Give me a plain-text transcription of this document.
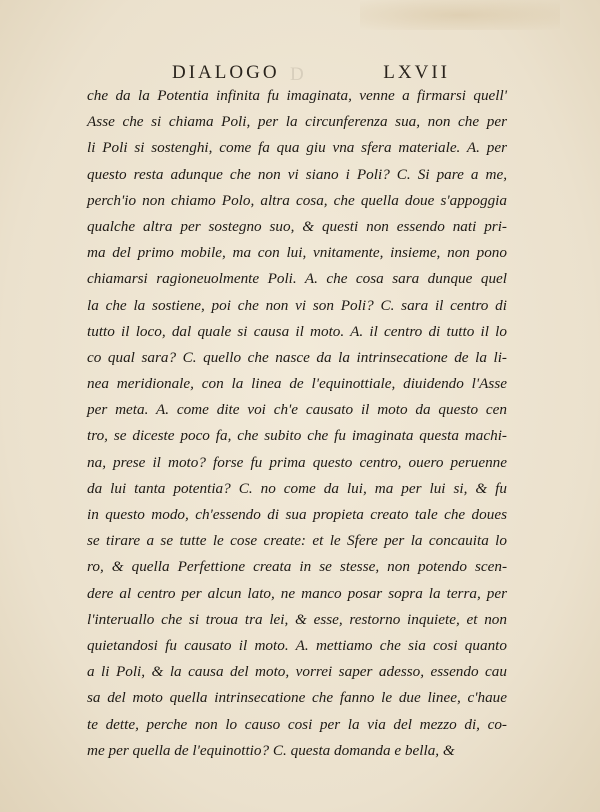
D
DIALOGO	LXVII
che da la Potentia infinita fu imaginata, venne a firmarsi quell'
Asse che si chiama Poli, per la circunferenza sua, non che per
li Poli si sostenghi, come fa qua giu vna sfera materiale. A. per
questo resta adunque che non vi siano i Poli? C. Si pare a me,
perch'io non chiamo Polo, altra cosa, che quella doue s'appoggia
qualche altra per sostegno suo, & questi non essendo nati pri-
ma del primo mobile, ma con lui, vnitamente, insieme, non pono
chiamarsi ragioneuolmente Poli. A. che cosa sara dunque quel
la che la sostiene, poi che non vi son Poli? C. sara il centro di
tutto il loco, dal quale si causa il moto. A. il centro di tutto il lo
co qual sara? C. quello che nasce da la intrinsecatione de la li-
nea meridionale, con la linea de l'equinottiale, diuidendo l'Asse
per meta. A. come dite voi ch'e causato il moto da questo cen
tro, se diceste poco fa, che subito che fu imaginata questa machi-
na, prese il moto? forse fu prima questo centro, ouero peruenne
da lui tanta potentia? C. no come da lui, ma per lui si, & fu
in questo modo, ch'essendo di sua propieta creato tale che doues
se tirare a se tutte le cose create: et le Sfere per la concauita lo
ro, & quella Perfettione creata in se stesse, non potendo scen-
dere al centro per alcun lato, ne manco posar sopra la terra, per
l'interuallo che si troua tra lei, & esse, restorno inquiete, et non
quietandosi fu causato il moto. A. mettiamo che sia cosi quanto
a li Poli, & la causa del moto, vorrei saper adesso, essendo cau
sa del moto quella intrinsecatione che fanno le due linee, c'haue
te dette, perche non lo causo cosi per la via del mezzo di, co-
me per quella de l'equinottio? C. questa domanda e bella, &
